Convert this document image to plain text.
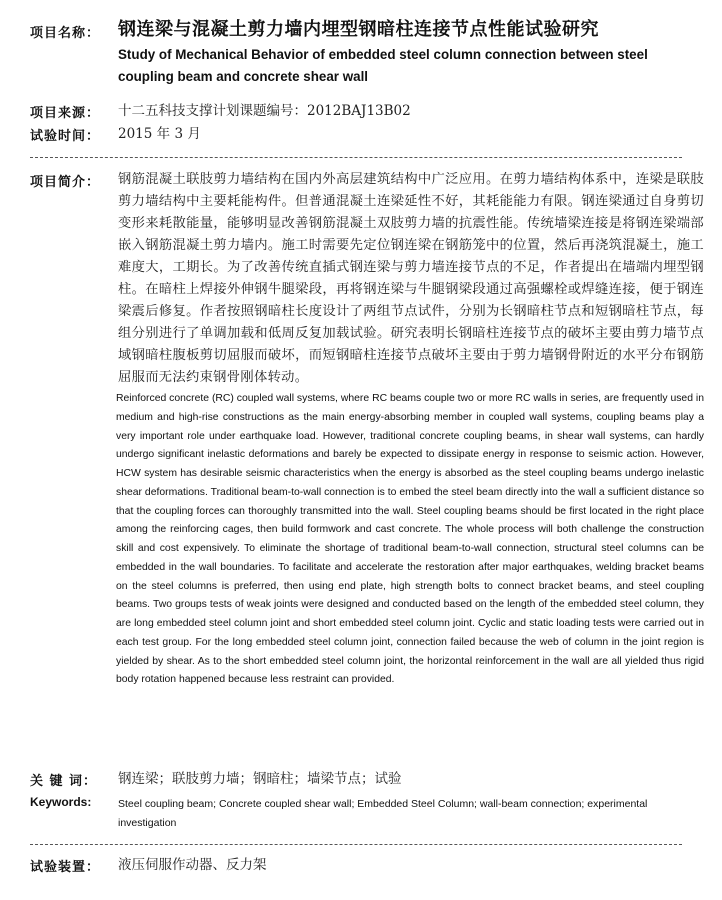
项目名称： 钢连梁与混凝土剪力墙内埋型钢暗柱连接节点性能试验研究
Study of Mechanical Behavior of embedded steel column connection between steel coupling beam and concrete shear wall
项目来源：	十二五科技支撑计划课题编号：2012BAJ13B02
试验时间：	2015 年 3 月
项目简介：	钢筋混凝土联肢剪力墙结构在国内外高层建筑结构中广泛应用。在剪力墙结构体系中，连梁是联肢剪力墙结构中主要耗能构件。但普通混凝土连梁延性不好，其耗能能力有限。钢连梁通过自身剪切变形来耗散能量，能够明显改善钢筋混凝土双肢剪力墙的抗震性能。传统墙梁连接是将钢连梁端部嵌入钢筋混凝土剪力墙内。施工时需要先定位钢连梁在钢筋笼中的位置，然后再浇筑混凝土，施工难度大，工期长。为了改善传统直插式钢连梁与剪力墙连接节点的不足，作者提出在墙端内埋型钢柱。在暗柱上焊接外伸钢牛腿梁段，再将钢连梁与牛腿钢梁段通过高强螺栓或焊缝连接，便于钢连梁震后修复。作者按照钢暗柱长度设计了两组节点试件，分别为长钢暗柱节点和短钢暗柱节点，每组分别进行了单调加载和低周反复加载试验。研究表明长钢暗柱连接节点的破坏主要由剪力墙节点域钢暗柱腹板剪切屈服而破坏，而短钢暗柱连接节点破坏主要由于剪力墙钢骨附近的水平分布钢筋屈服而无法约束钢骨刚体转动。
Reinforced concrete (RC) coupled wall systems, where RC beams couple two or more RC walls in series, are frequently used in medium and high-rise constructions as the main energy-absorbing member in coupled wall systems, coupling beams play a very important role under earthquake load. However, traditional concrete coupling beams, in shear wall systems, can hardly undergo significant inelastic deformations and barely be expected to dissipate energy in response to seismic action. However, HCW system has desirable seismic characteristics when the energy is absorbed as the steel coupling beams undergo inelastic shear deformations. Traditional beam-to-wall connection is to embed the steel beam directly into the wall a sufficient distance so that the coupling forces can thoroughly transmitted into the wall. Steel coupling beams should be first located in the right place among the reinforcing cages, then build formwork and cast concrete. The whole process will both challenge the construction skill and cost expensively. To eliminate the shortage of traditional beam-to-wall connection, structural steel columns can be embedded in the wall boundaries. To facilitate and accelerate the restoration after major earthquakes, welding bracket beams on the steel columns is preferred, then using end plate, high strength bolts to connect bracket beams, and steel coupling beams. Two groups tests of weak joints were designed and conducted based on the length of the embedded steel column, they are long embedded steel column joint and short embedded steel column joint. Cyclic and static loading tests were carried out in each test group. For the long embedded steel column joint, connection failed because the web of column in the joint region is yielded by shear. As to the short embedded steel column joint, the horizontal reinforcement in the wall are all yielded thus rigid body rotation happened because less restraint can provided.
关 键 词：	钢连梁；联肢剪力墙；钢暗柱；墙梁节点；试验
Keywords:	Steel coupling beam; Concrete coupled shear wall; Embedded Steel Column; wall-beam connection; experimental investigation
试验装置：	液压伺服作动器、反力架
